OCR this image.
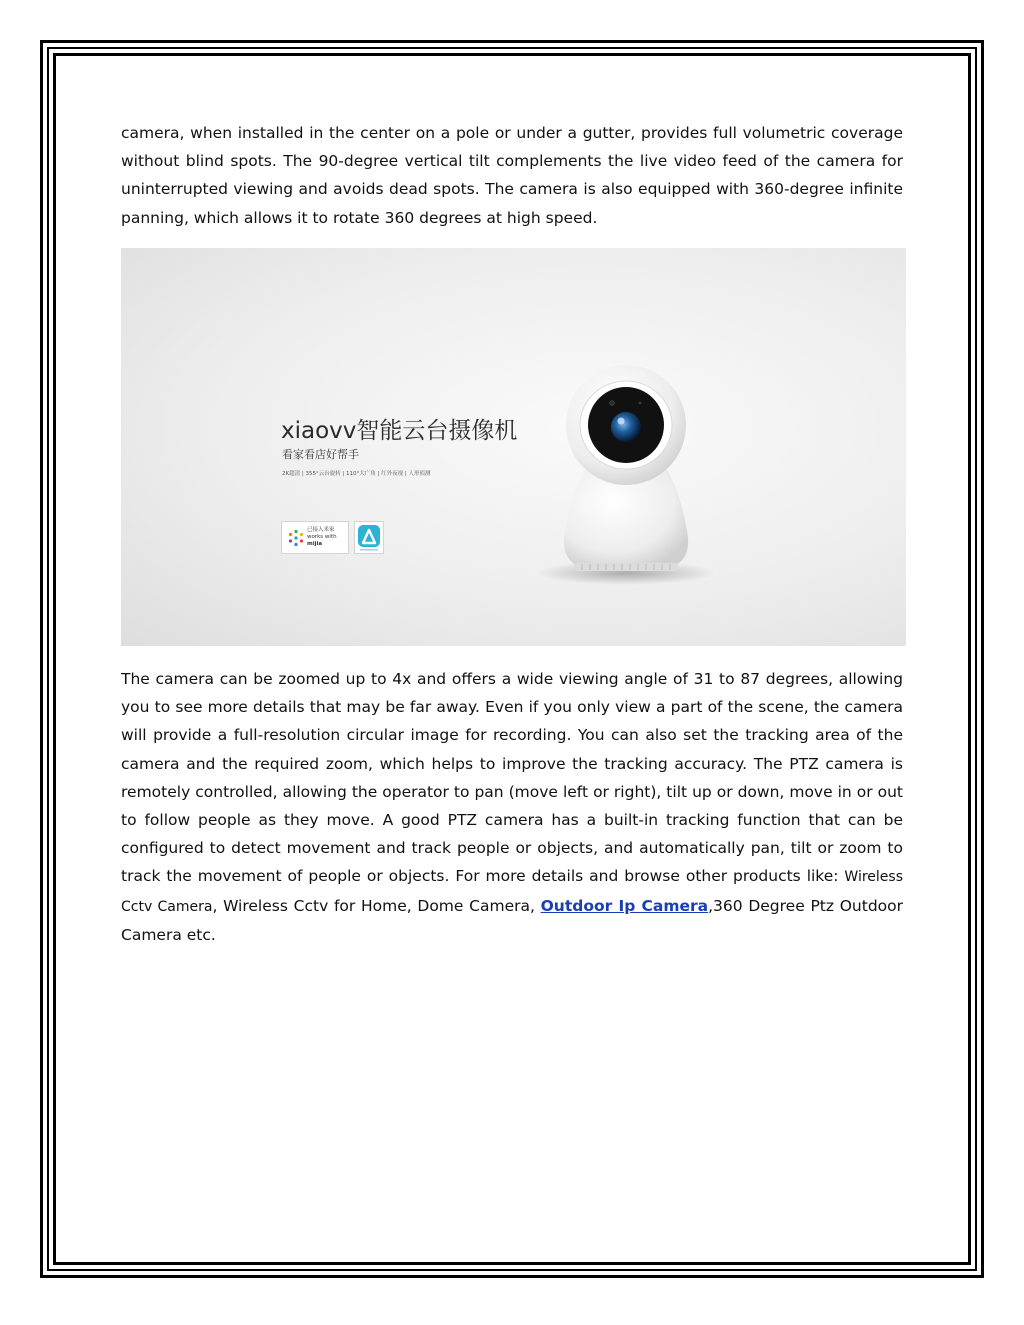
camera, when installed in the center on a pole or under a gutter, provides full volumetric coverage without blind spots. The 90-degree vertical tilt complements the live video feed of the camera for uninterrupted viewing and avoids dead spots. The camera is also equipped with 360-degree infinite panning, which allows it to rotate 360 degrees at high speed.

xiaovv智能云台摄像机
看家看店好帮手
2K超清 | 355°云台旋转 | 110°大广角 | 红外夜视 | 人形侦测
已接入米家
works with
mijia

The camera can be zoomed up to 4x and offers a wide viewing angle of 31 to 87 degrees, allowing you to see more details that may be far away. Even if you only view a part of the scene, the camera will provide a full-resolution circular image for recording. You can also set the tracking area of the camera and the required zoom, which helps to improve the tracking accuracy. The PTZ camera is remotely controlled, allowing the operator to pan (move left or right), tilt up or down, move in or out to follow people as they move. A good PTZ camera has a built-in tracking function that can be configured to detect movement and track people or objects, and automatically pan, tilt or zoom to track the movement of people or objects. For more details and browse other products like: Wireless Cctv Camera, Wireless Cctv for Home, Dome Camera, Outdoor Ip Camera,360 Degree Ptz Outdoor Camera etc.
